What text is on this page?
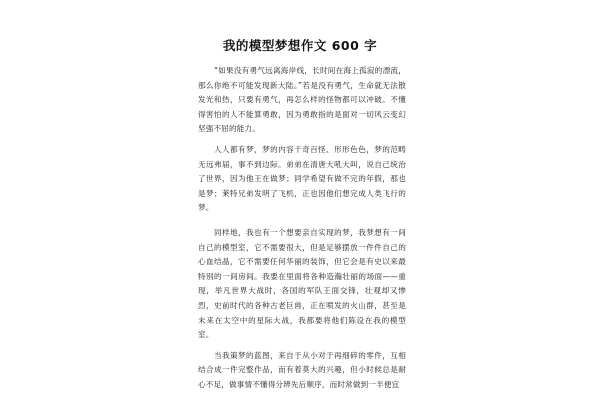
我的模型梦想作文 600 字

“如果没有勇气远离海岸线，长时间在海上孤寂的漂流，那么你绝不可能发现新大陆。”若是没有勇气，生命就无法散发光和热，只要有勇气，再怎么样的怪物都可以冲破。不懂得害怕的人不能算勇敢，因为勇敢指的是面对一切风云变幻坚强不屈的能力。

人人都有梦，梦的内容千奇百怪、形形色色，梦的范畴无远弗届，事不到边际。弟弟在清唐大吼大叫，说自己统治了世界，因为他王在做梦；同学希望有做不完的年假，那也是梦；莱特兄弟发明了飞机，正也因他们想完成人类飞行的梦。

同样地，我也有一个想要亲自实现的梦，我梦想有一间自己的模型室，它不需要很大，但是足够摆放一件件自己的心血结晶，它不需要任何华丽的装饰，但它会是有史以来最特别的一间房间。我要在里面将各种造瀚壮丽的场面——重现，举凡世界大战时，各国的军队王面交锋，壮观却又惨烈，史前时代的各种古老巨兽，正在喷发的火山群，甚至是未来在太空中的星际大战，我都要将他们陈设在我的模型室。

当我策梦的蓝图，来自于从小对于再细碎的零件，互相结合成一件完整作品，而有着莫大的兴趣，但小时候总是耐心不足，做事情不懂得分辨先后顺序，而时常做到一半便宜
